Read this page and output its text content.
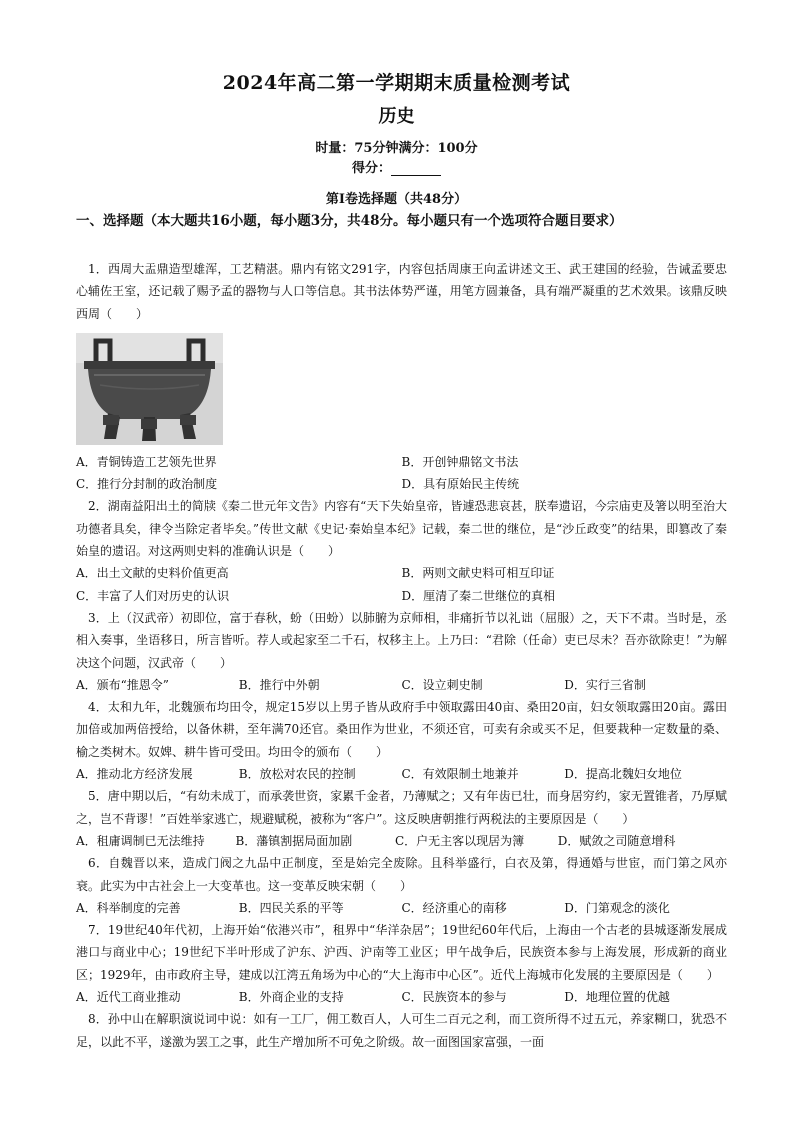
2024年高二第一学期期末质量检测考试
历史
时量：75分钟满分：100分
得分：
第Ⅰ卷选择题（共48分）
一、选择题（本大题共16小题，每小题3分，共48分。每小题只有一个选项符合题目要求）

1．西周大盂鼎造型雄浑，工艺精湛。鼎内有铭文291字，内容包括周康王向孟讲述文王、武王建国的经验，告诫孟要忠心辅佐王室，还记载了赐予孟的器物与人口等信息。其书法体势严谨，用笔方圆兼备，具有端严凝重的艺术效果。该鼎反映西周（　　）

A．青铜铸造工艺领先世界	B．开创钟鼎铭文书法
C．推行分封制的政治制度	D．具有原始民主传统

2．湖南益阳出土的简牍《秦二世元年文告》内容有“天下失始皇帝，皆遽恐悲哀甚，朕奉遗诏，今宗庙吏及箸以明至治大功德者具矣，律令当除定者毕矣。”传世文献《史记·秦始皇本纪》记载，秦二世的继位，是“沙丘政变”的结果，即篡改了秦始皇的遗诏。对这两则史料的准确认识是（　　）

A．出土文献的史料价值更高	B．两则文献史料可相互印证
C．丰富了人们对历史的认识	D．厘清了秦二世继位的真相

3．上（汉武帝）初即位，富于春秋，蚡（田蚡）以肺腑为京师相，非痛折节以礼诎（屈服）之，天下不肃。当时是，丞相入奏事，坐语移日，所言皆听。荐人或起家至二千石，权移主上。上乃曰：“君除（任命）吏已尽未？吾亦欲除吏！”为解决这个问题，汉武帝（　　）

A．颁布“推恩令”	B．推行中外朝	C．设立刺史制	D．实行三省制

4．太和九年，北魏颁布均田令，规定15岁以上男子皆从政府手中领取露田40亩、桑田20亩，妇女领取露田20亩。露田加倍或加两倍授给，以备休耕，至年满70还官。桑田作为世业，不须还官，可卖有余或买不足，但要栽种一定数量的桑、榆之类树木。奴婢、耕牛皆可受田。均田令的颁布（　　）

A．推动北方经济发展	B．放松对农民的控制	C．有效限制土地兼并	D．提高北魏妇女地位

5．唐中期以后，“有幼未成丁，而承袭世资，家累千金者，乃薄赋之；又有年齿已壮，而身居穷约，家无置锥者，乃厚赋之，岂不背谬！”百姓举家逃亡，规避赋税，被称为“客户”。这反映唐朝推行两税法的主要原因是（　　）

A．租庸调制已无法维持	B．藩镇割据局面加剧	C．户无主客以现居为簿	D．赋敛之司随意增科

6．自魏晋以来，造成门阀之九品中正制度，至是始完全废除。且科举盛行，白衣及第，得通婚与世宦，而门第之风亦衰。此实为中古社会上一大变革也。这一变革反映宋朝（　　）

A．科举制度的完善	B．四民关系的平等	C．经济重心的南移	D．门第观念的淡化

7．19世纪40年代初，上海开始“依港兴市”，租界中“华洋杂居”；19世纪60年代后，上海由一个古老的县城逐渐发展成港口与商业中心；19世纪下半叶形成了沪东、沪西、沪南等工业区；甲午战争后，民族资本参与上海发展，形成新的商业区；1929年，由市政府主导，建成以江湾五角场为中心的“大上海市中心区”。近代上海城市化发展的主要原因是（　　）

A．近代工商业推动	B．外商企业的支持	C．民族资本的参与	D．地理位置的优越

8．孙中山在解职演说词中说：如有一工厂，佣工数百人，人可生二百元之利，而工资所得不过五元，养家糊口，犹恐不足，以此不平，遂激为罢工之事，此生产增加所不可免之阶级。故一面图国家富强，一面
